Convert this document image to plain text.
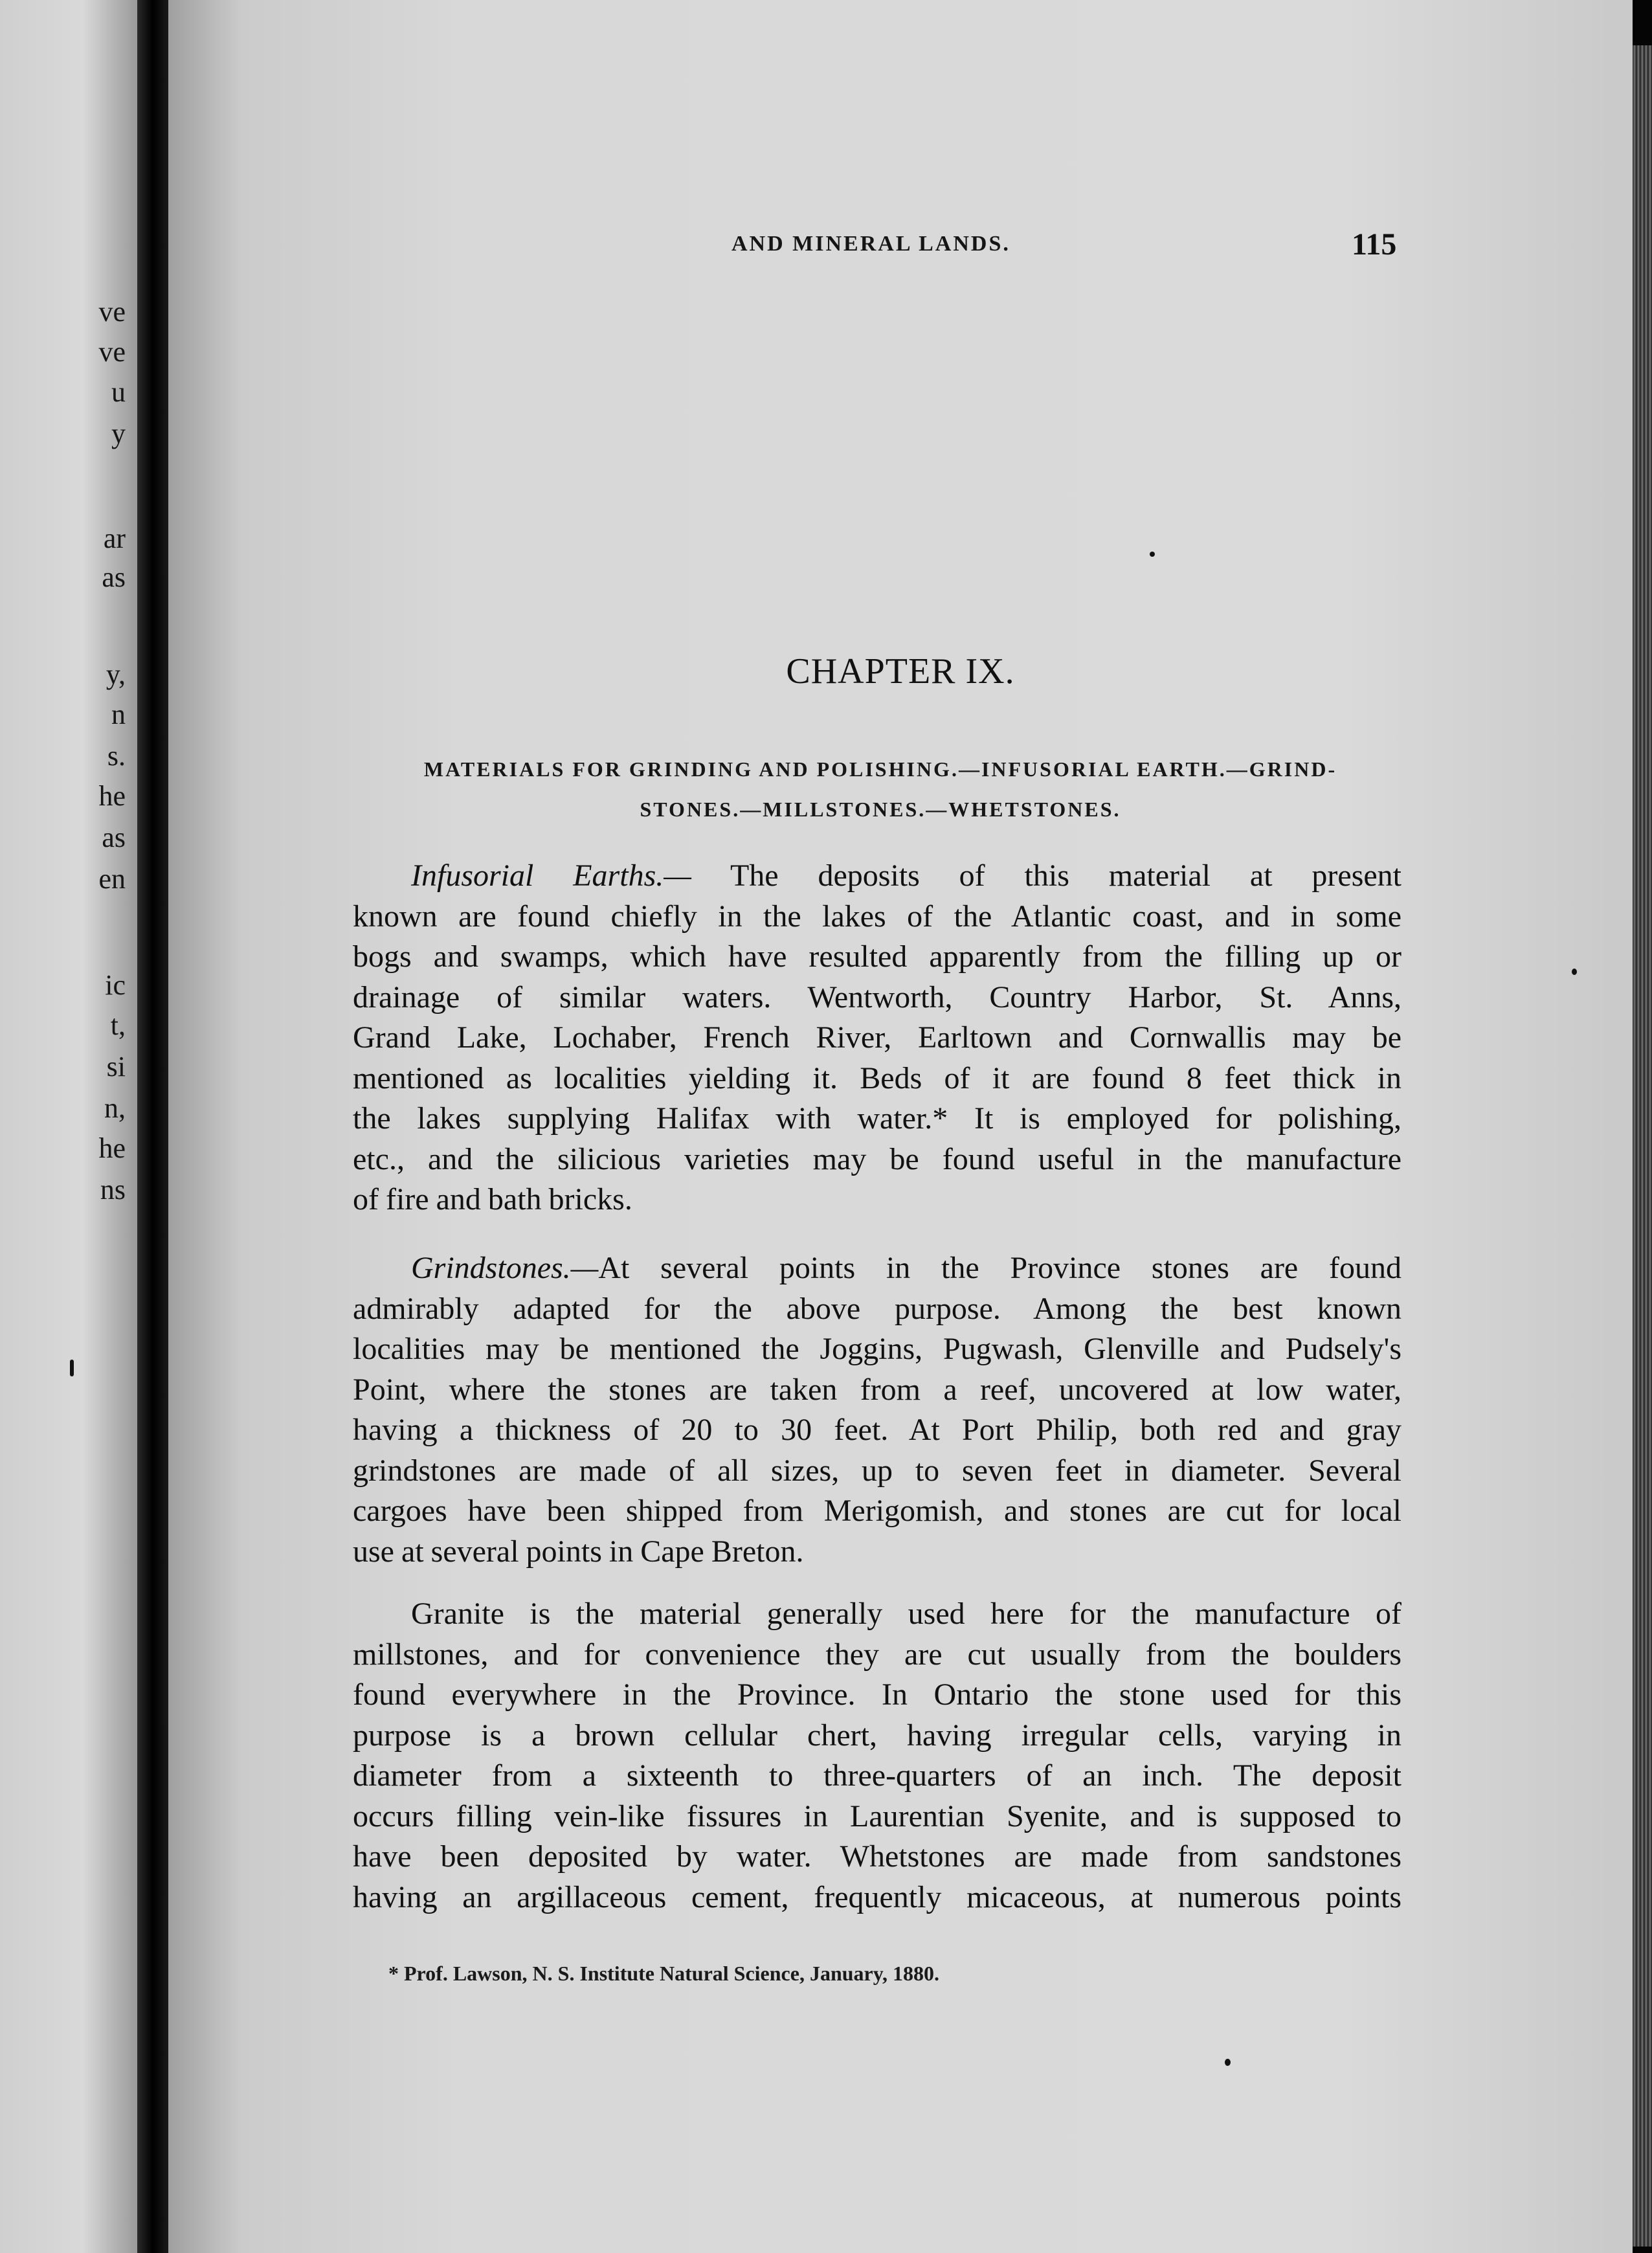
ve
ve
u
y
ar
as
y,
n
s.
he
as
en
ic
t,
si
n,
he
ns
AND MINERAL LANDS.	115
CHAPTER IX.
MATERIALS FOR GRINDING AND POLISHING.—INFUSORIAL EARTH.—GRIND-
STONES.—MILLSTONES.—WHETSTONES.
Infusorial Earths.— The deposits of this material at present
known are found chiefly in the lakes of the Atlantic coast, and in some
bogs and swamps, which have resulted apparently from the filling up or
drainage of similar waters. Wentworth, Country Harbor, St. Anns,
Grand Lake, Lochaber, French River, Earltown and Cornwallis may be
mentioned as localities yielding it. Beds of it are found 8 feet thick in
the lakes supplying Halifax with water.* It is employed for polishing,
etc., and the silicious varieties may be found useful in the manufacture
of fire and bath bricks.
Grindstones.—At several points in the Province stones are found
admirably adapted for the above purpose. Among the best known
localities may be mentioned the Joggins, Pugwash, Glenville and Pudsely's
Point, where the stones are taken from a reef, uncovered at low water,
having a thickness of 20 to 30 feet. At Port Philip, both red and gray
grindstones are made of all sizes, up to seven feet in diameter. Several
cargoes have been shipped from Merigomish, and stones are cut for local
use at several points in Cape Breton.
Granite is the material generally used here for the manufacture of
millstones, and for convenience they are cut usually from the boulders
found everywhere in the Province. In Ontario the stone used for this
purpose is a brown cellular chert, having irregular cells, varying in
diameter from a sixteenth to three-quarters of an inch. The deposit
occurs filling vein-like fissures in Laurentian Syenite, and is supposed to
have been deposited by water. Whetstones are made from sandstones
having an argillaceous cement, frequently micaceous, at numerous points
* Prof. Lawson, N. S. Institute Natural Science, January, 1880.
